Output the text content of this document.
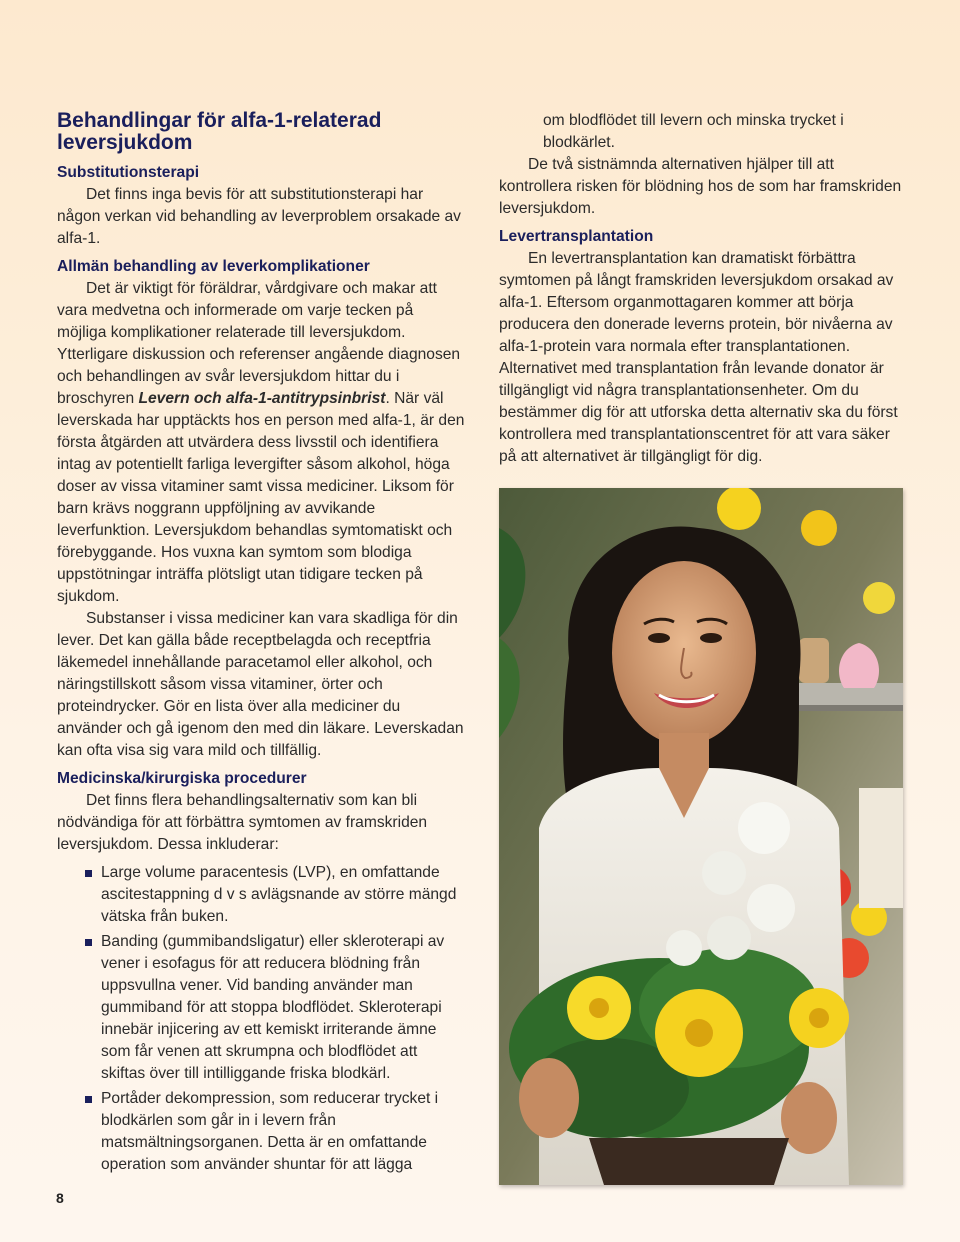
Behandlingar för alfa-1-relaterad leversjukdom
Substitutionsterapi

Det finns inga bevis för att substitutionsterapi har någon verkan vid behandling av leverproblem orsakade av alfa-1.

Allmän behandling av leverkomplikationer

Det är viktigt för föräldrar, vårdgivare och makar att vara medvetna och informerade om varje tecken på möjliga komplikationer relaterade till leversjukdom. Ytterligare diskussion och referenser angående diagnosen och behandlingen av svår leversjukdom hittar du i broschyren Levern och alfa-1-antitrypsinbrist. När väl leverskada har upptäckts hos en person med alfa-1, är den första åtgärden att utvärdera dess livsstil och identifiera intag av potentiellt farliga levergifter såsom alkohol, höga doser av vissa vitaminer samt vissa mediciner. Liksom för barn krävs noggrann uppföljning av avvikande leverfunktion. Leversjukdom behandlas symtomatiskt och förebyggande. Hos vuxna kan symtom som blodiga uppstötningar inträffa plötsligt utan tidigare tecken på sjukdom.

Substanser i vissa mediciner kan vara skadliga för din lever. Det kan gälla både receptbelagda och receptfria läkemedel innehållande paracetamol eller alkohol, och näringstillskott såsom vissa vitaminer, örter och proteindrycker. Gör en lista över alla mediciner du använder och gå igenom den med din läkare. Leverskadan kan ofta visa sig vara mild och tillfällig.

Medicinska/kirurgiska procedurer

Det finns flera behandlingsalternativ som kan bli nödvändiga för att förbättra symtomen av framskriden leversjukdom. Dessa inkluderar:

Large volume paracentesis (LVP), en omfattande ascitestappning d v s avlägsnande av större mängd vätska från buken.
Banding (gummibandsligatur) eller skleroterapi av vener i esofagus för att reducera blödning från uppsvullna vener. Vid banding använder man gummiband för att stoppa blodflödet. Skleroterapi innebär injicering av ett kemiskt irriterande ämne som får venen att skrumpna och blodflödet att skiftas över till intilliggande friska blodkärl.
Portåder dekompression, som reducerar trycket i blodkärlen som går in i levern från matsmältningsorganen. Detta är en omfattande operation som använder shuntar för att lägga

om blodflödet till levern och minska trycket i blodkärlet.

De två sistnämnda alternativen hjälper till att kontrollera risken för blödning hos de som har framskriden leversjukdom.

Levertransplantation

En levertransplantation kan dramatiskt förbättra symtomen på långt framskriden leversjukdom orsakad av alfa-1. Eftersom organmottagaren kommer att börja producera den donerade leverns protein, bör nivåerna av alfa-1-protein vara normala efter transplantationen. Alternativet med transplantation från levande donator är tillgängligt vid några transplantationsenheter. Om du bestämmer dig för att utforska detta alternativ ska du först kontrollera med transplantationscentret för att vara säker på att alternativet är tillgängligt för dig.

8
